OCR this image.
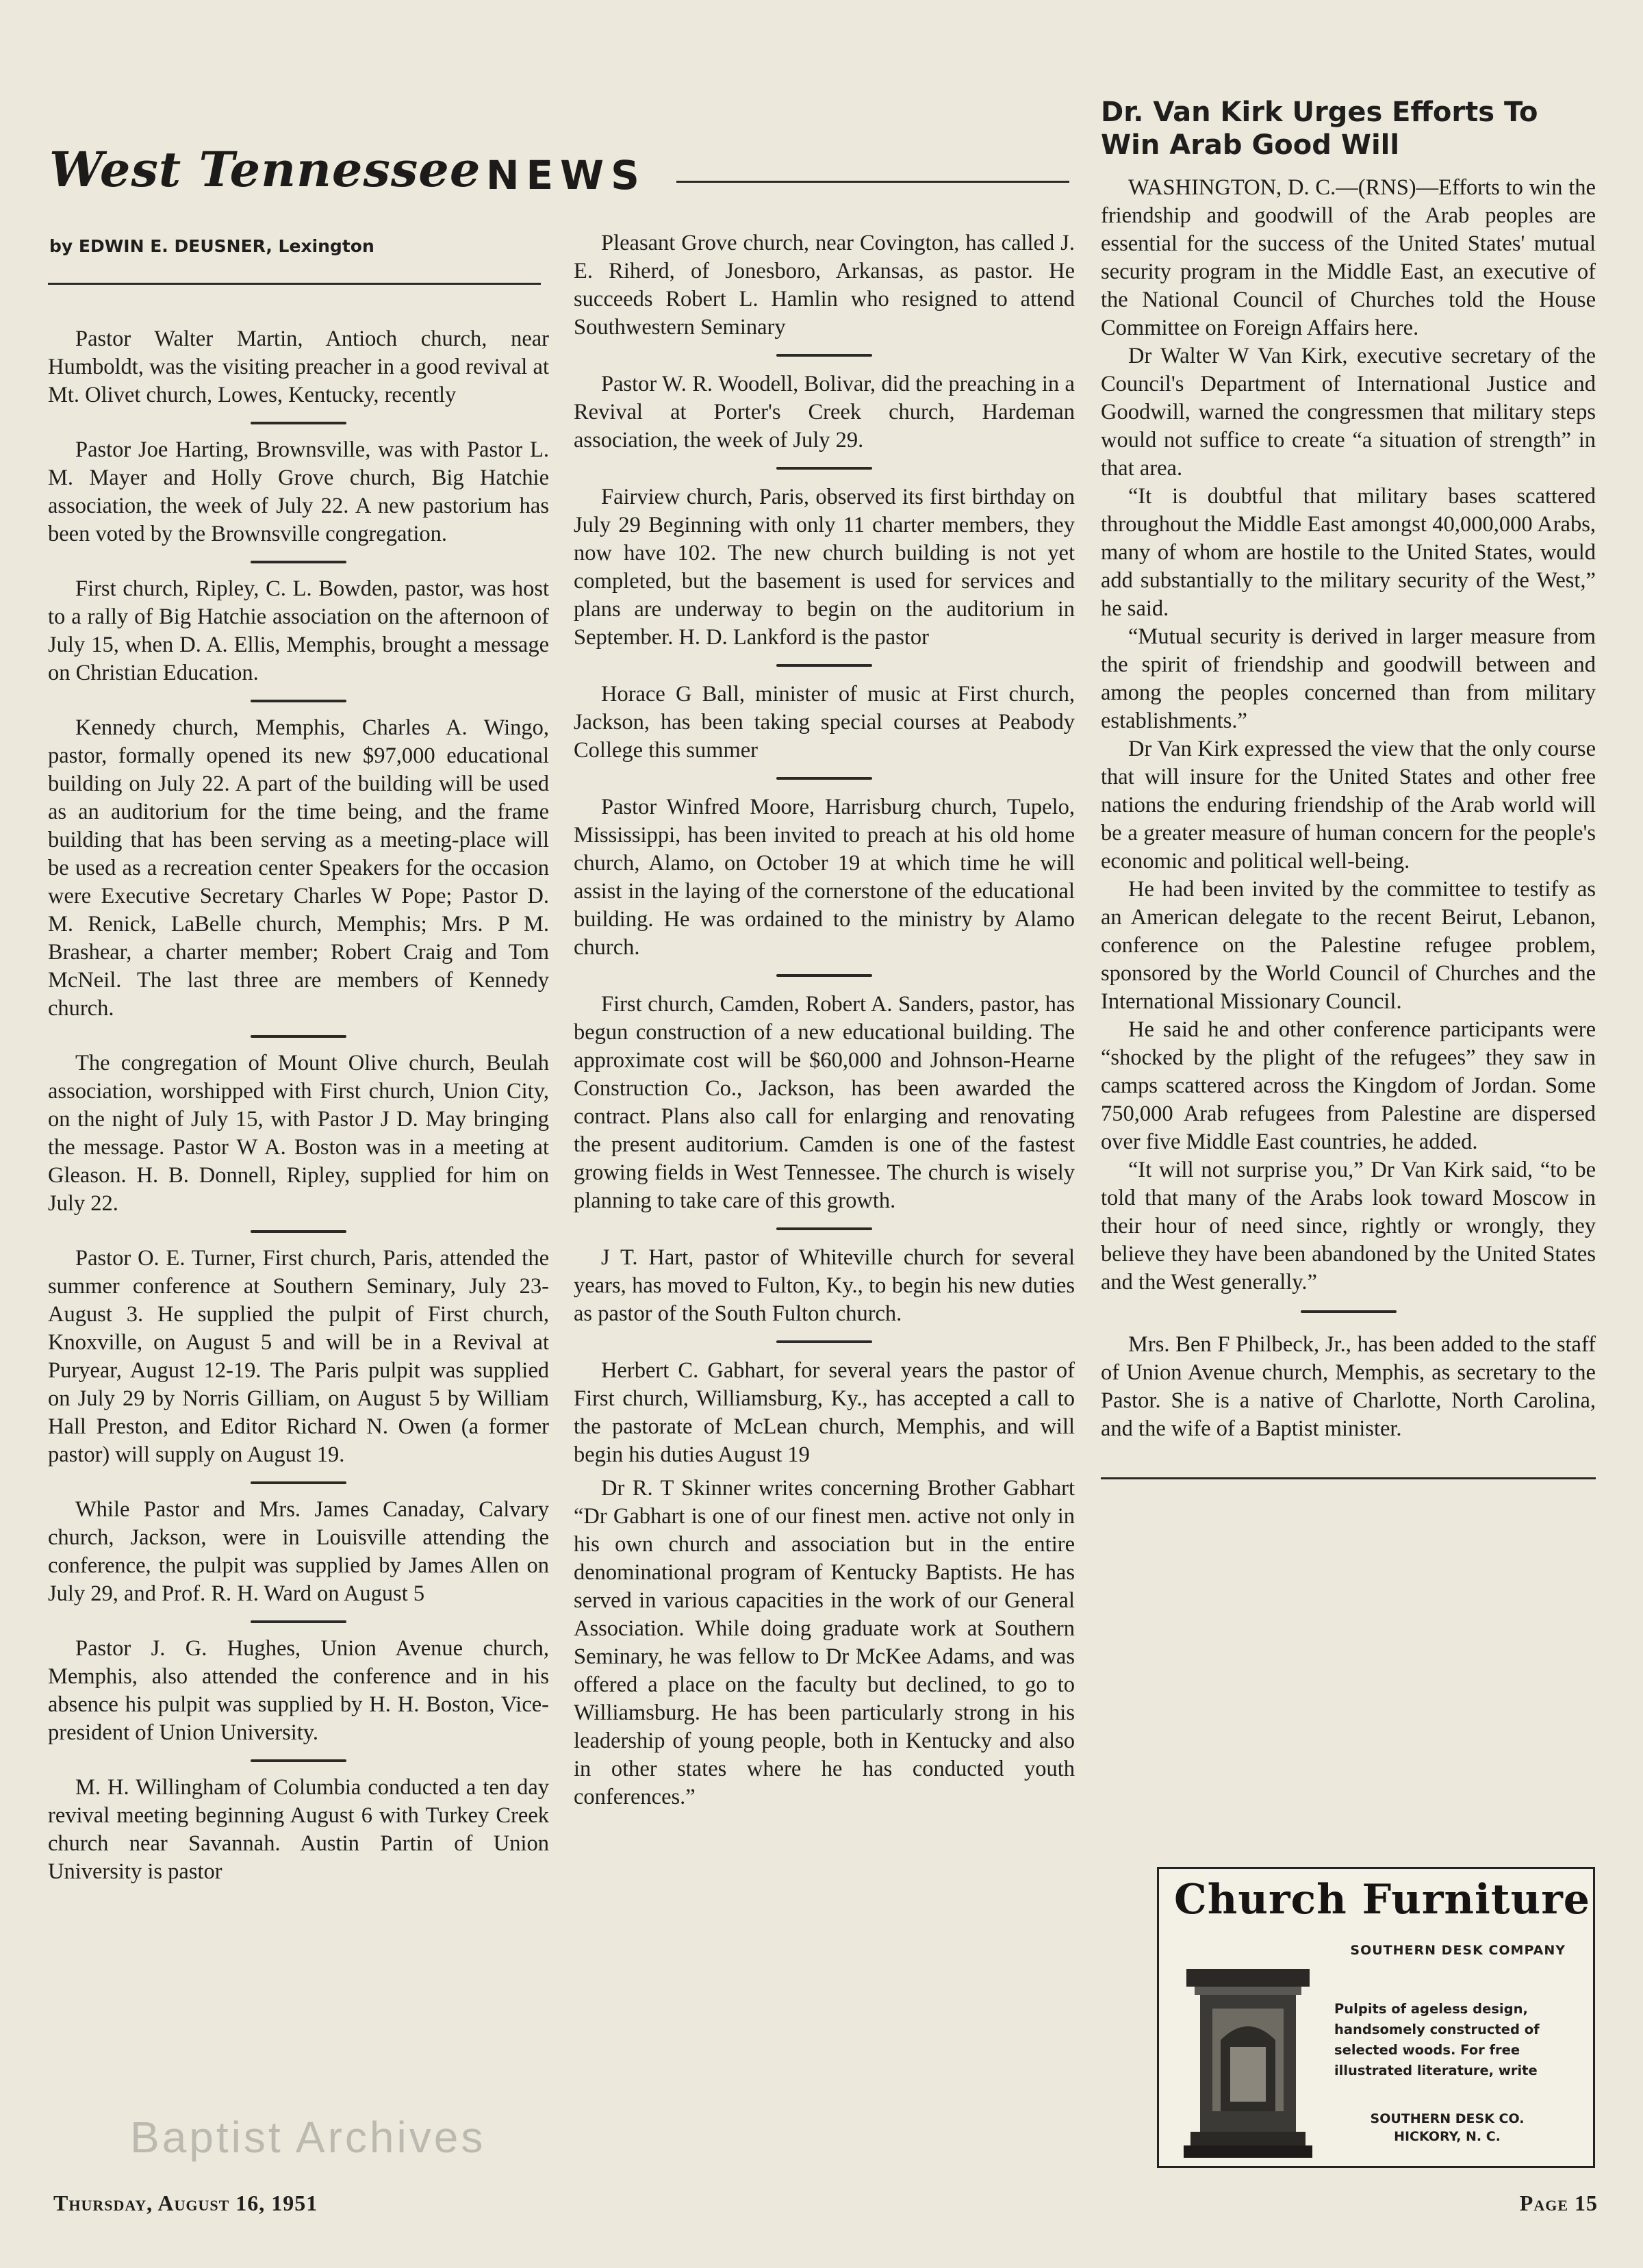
West Tennessee NEWS
by EDWIN E. DEUSNER, Lexington

Pastor Walter Martin, Antioch church, near Humboldt, was the visiting preacher in a good revival at Mt. Olivet church, Lowes, Kentucky, recently

Pastor Joe Harting, Brownsville, was with Pastor L. M. Mayer and Holly Grove church, Big Hatchie association, the week of July 22. A new pastorium has been voted by the Brownsville congregation.

First church, Ripley, C. L. Bowden, pastor, was host to a rally of Big Hatchie association on the afternoon of July 15, when D. A. Ellis, Memphis, brought a message on Christian Education.

Kennedy church, Memphis, Charles A. Wingo, pastor, formally opened its new $97,000 educational building on July 22. A part of the building will be used as an auditorium for the time being, and the frame building that has been serving as a meeting-place will be used as a recreation center Speakers for the occasion were Executive Secretary Charles W Pope; Pastor D. M. Renick, LaBelle church, Memphis; Mrs. P M. Brashear, a charter member; Robert Craig and Tom McNeil. The last three are members of Kennedy church.

The congregation of Mount Olive church, Beulah association, worshipped with First church, Union City, on the night of July 15, with Pastor J D. May bringing the message. Pastor W A. Boston was in a meeting at Gleason. H. B. Donnell, Ripley, supplied for him on July 22.

Pastor O. E. Turner, First church, Paris, attended the summer conference at Southern Seminary, July 23-August 3. He supplied the pulpit of First church, Knoxville, on August 5 and will be in a Revival at Puryear, August 12-19. The Paris pulpit was supplied on July 29 by Norris Gilliam, on August 5 by William Hall Preston, and Editor Richard N. Owen (a former pastor) will supply on August 19.

While Pastor and Mrs. James Canaday, Calvary church, Jackson, were in Louisville attending the conference, the pulpit was supplied by James Allen on July 29, and Prof. R. H. Ward on August 5

Pastor J. G. Hughes, Union Avenue church, Memphis, also attended the conference and in his absence his pulpit was supplied by H. H. Boston, Vice-president of Union University.

M. H. Willingham of Columbia conducted a ten day revival meeting beginning August 6 with Turkey Creek church near Savannah. Austin Partin of Union University is pastor

Pleasant Grove church, near Covington, has called J. E. Riherd, of Jonesboro, Arkansas, as pastor. He succeeds Robert L. Hamlin who resigned to attend Southwestern Seminary

Pastor W. R. Woodell, Bolivar, did the preaching in a Revival at Porter's Creek church, Hardeman association, the week of July 29.

Fairview church, Paris, observed its first birthday on July 29 Beginning with only 11 charter members, they now have 102. The new church building is not yet completed, but the basement is used for services and plans are underway to begin on the auditorium in September. H. D. Lankford is the pastor

Horace G Ball, minister of music at First church, Jackson, has been taking special courses at Peabody College this summer

Pastor Winfred Moore, Harrisburg church, Tupelo, Mississippi, has been invited to preach at his old home church, Alamo, on October 19 at which time he will assist in the laying of the cornerstone of the educational building. He was ordained to the ministry by Alamo church.

First church, Camden, Robert A. Sanders, pastor, has begun construction of a new educational building. The approximate cost will be $60,000 and Johnson-Hearne Construction Co., Jackson, has been awarded the contract. Plans also call for enlarging and renovating the present auditorium. Camden is one of the fastest growing fields in West Tennessee. The church is wisely planning to take care of this growth.

J T. Hart, pastor of Whiteville church for several years, has moved to Fulton, Ky., to begin his new duties as pastor of the South Fulton church.

Herbert C. Gabhart, for several years the pastor of First church, Williamsburg, Ky., has accepted a call to the pastorate of McLean church, Memphis, and will begin his duties August 19

Dr R. T Skinner writes concerning Brother Gabhart “Dr Gabhart is one of our finest men. active not only in his own church and association but in the entire denominational program of Kentucky Baptists. He has served in various capacities in the work of our General Association. While doing graduate work at Southern Seminary, he was fellow to Dr McKee Adams, and was offered a place on the faculty but declined, to go to Williamsburg. He has been particularly strong in his leadership of young people, both in Kentucky and also in other states where he has conducted youth conferences.”

Dr. Van Kirk Urges Efforts To Win Arab Good Will

WASHINGTON, D. C.—(RNS)—Efforts to win the friendship and goodwill of the Arab peoples are essential for the success of the United States' mutual security program in the Middle East, an executive of the National Council of Churches told the House Committee on Foreign Affairs here.

Dr Walter W Van Kirk, executive secretary of the Council's Department of International Justice and Goodwill, warned the congressmen that military steps would not suffice to create “a situation of strength” in that area.

“It is doubtful that military bases scattered throughout the Middle East amongst 40,000,000 Arabs, many of whom are hostile to the United States, would add substantially to the military security of the West,” he said.

“Mutual security is derived in larger measure from the spirit of friendship and goodwill between and among the peoples concerned than from military establishments.”

Dr Van Kirk expressed the view that the only course that will insure for the United States and other free nations the enduring friendship of the Arab world will be a greater measure of human concern for the people's economic and political well-being.

He had been invited by the committee to testify as an American delegate to the recent Beirut, Lebanon, conference on the Palestine refugee problem, sponsored by the World Council of Churches and the International Missionary Council.

He said he and other conference participants were “shocked by the plight of the refugees” they saw in camps scattered across the Kingdom of Jordan. Some 750,000 Arab refugees from Palestine are dispersed over five Middle East countries, he added.

“It will not surprise you,” Dr Van Kirk said, “to be told that many of the Arabs look toward Moscow in their hour of need since, rightly or wrongly, they believe they have been abandoned by the United States and the West generally.”

Mrs. Ben F Philbeck, Jr., has been added to the staff of Union Avenue church, Memphis, as secretary to the Pastor. She is a native of Charlotte, North Carolina, and the wife of a Baptist minister.

Church Furniture
SOUTHERN DESK COMPANY
Pulpits of ageless design, handsomely constructed of selected woods. For free illustrated literature, write
SOUTHERN DESK CO.
HICKORY, N. C.
Baptist Archives
Thursday, August 16, 1951	Page 15
